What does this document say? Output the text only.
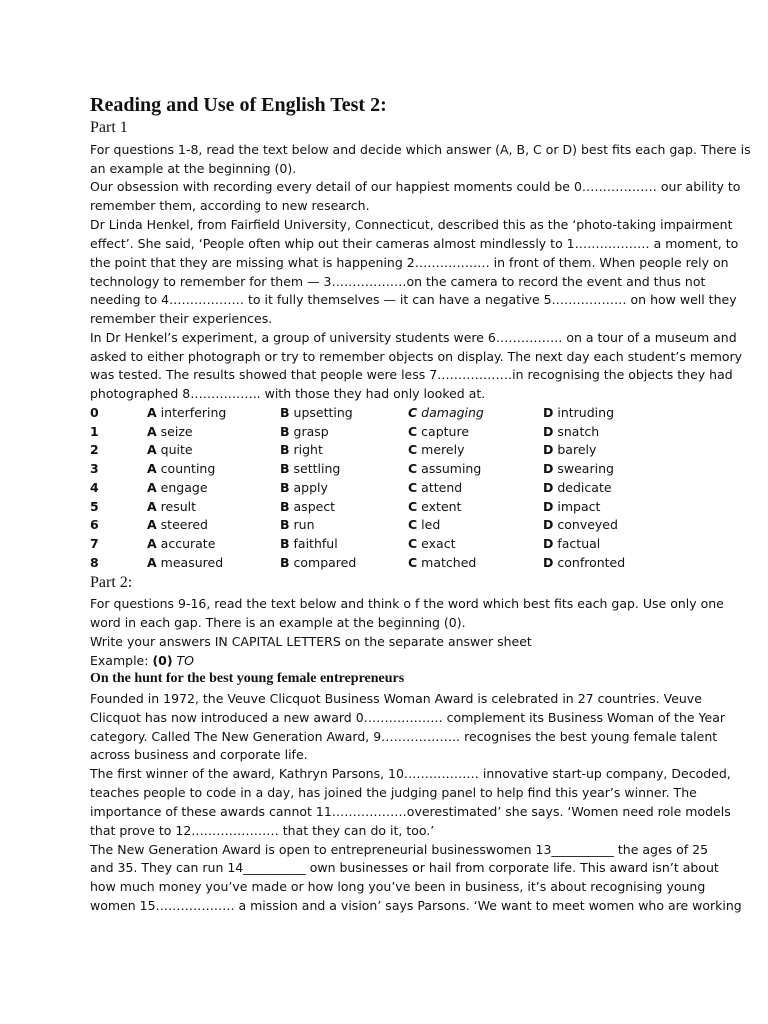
Reading and Use of English Test 2:
Part 1
For questions 1-8, read the text below and decide which answer (A, B, C or D) best fits each gap. There is
an example at the beginning (0).
Our obsession with recording every detail of our happiest moments could be 0……………… our ability to
remember them, according to new research.
Dr Linda Henkel, from Fairfield University, Connecticut, described this as the ‘photo-taking impairment
effect’. She said, ‘People often whip out their cameras almost mindlessly to 1……………… a moment, to
the point that they are missing what is happening 2……………… in front of them. When people rely on
technology to remember for them — 3………………on the camera to record the event and thus not
needing to 4……………… to it fully themselves — it can have a negative 5……………… on how well they
remember their experiences.
In Dr Henkel’s experiment, a group of university students were 6……………. on a tour of a museum and
asked to either photograph or try to remember objects on display. The next day each student’s memory
was tested. The results showed that people were less 7………………in recognising the objects they had
photographed 8…………….. with those they had only looked at.
0	A interfering	B upsetting	C damaging	D intruding
1	A seize	B grasp	C capture	D snatch
2	A quite	B right	C merely	D barely
3	A counting	B settling	C assuming	D swearing
4	A engage	B apply	C attend	D dedicate
5	A result	B aspect	C extent	D impact
6	A steered	B run	C led	D conveyed
7	A accurate	B faithful	C exact	D factual
8	A measured	B compared	C matched	D confronted
Part 2:
For questions 9-16, read the text below and think o f the word which best fits each gap. Use only one
word in each gap. There is an example at the beginning (0).
Write your answers IN CAPITAL LETTERS on the separate answer sheet
Example: (0) TO
On the hunt for the best young female entrepreneurs
Founded in 1972, the Veuve Clicquot Business Woman Award is celebrated in 27 countries. Veuve
Clicquot has now introduced a new award 0………………. complement its Business Woman of the Year
category. Called The New Generation Award, 9………………. recognises the best young female talent
across business and corporate life.
The first winner of the award, Kathryn Parsons, 10……………… innovative start-up company, Decoded,
teaches people to code in a day, has joined the judging panel to help find this year’s winner. The
importance of these awards cannot 11………………overestimated’ she says. ‘Women need role models
that prove to 12………………… that they can do it, too.’
The New Generation Award is open to entrepreneurial businesswomen 13__________ the ages of 25
and 35. They can run 14__________ own businesses or hail from corporate life. This award isn’t about
how much money you’ve made or how long you’ve been in business, it’s about recognising young
women 15………………. a mission and a vision’ says Parsons. ‘We want to meet women who are working
